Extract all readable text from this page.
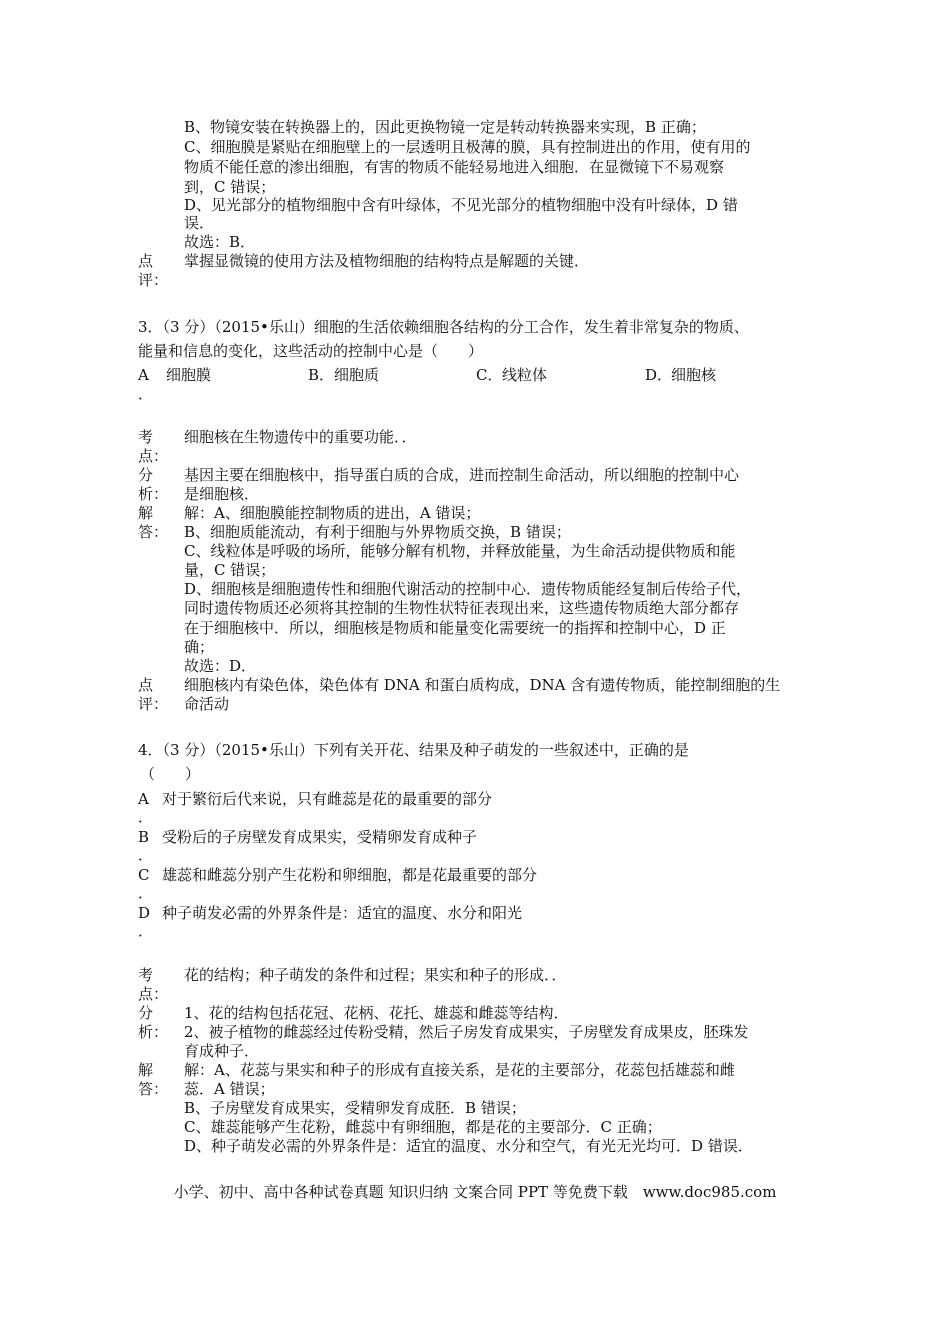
B、物镜安装在转换器上的，因此更换物镜一定是转动转换器来实现，B 正确；
C、细胞膜是紧贴在细胞壁上的一层透明且极薄的膜，具有控制进出的作用，使有用的
物质不能任意的渗出细胞，有害的物质不能轻易地进入细胞．在显微镜下不易观察
到，C 错误；
D、见光部分的植物细胞中含有叶绿体，不见光部分的植物细胞中没有叶绿体，D 错
误．
故选：B．
点
评：
掌握显微镜的使用方法及植物细胞的结构特点是解题的关键．
3．（3 分）（2015•乐山）细胞的生活依赖细胞各结构的分工合作，发生着非常复杂的物质、
能量和信息的变化，这些活动的控制中心是（　　）
A
．
细胞膜	B． 细胞质	C． 线粒体	D．
细胞核
考
点：
细胞核在生物遗传中的重要功能．．
分
析：
基因主要在细胞核中，指导蛋白质的合成，进而控制生命活动，所以细胞的控制中心
是细胞核．
解
答：
解：A、细胞膜能控制物质的进出，A 错误；
B、细胞质能流动，有利于细胞与外界物质交换，B 错误；
C、线粒体是呼吸的场所，能够分解有机物，并释放能量，为生命活动提供物质和能
量，C 错误；
D、细胞核是细胞遗传性和细胞代谢活动的控制中心．遗传物质能经复制后传给子代，
同时遗传物质还必须将其控制的生物性状特征表现出来，这些遗传物质绝大部分都存
在于细胞核中．所以，细胞核是物质和能量变化需要统一的指挥和控制中心，D 正
确；
故选：D．
点
评：
细胞核内有染色体，染色体有 DNA 和蛋白质构成，DNA 含有遗传物质，能控制细胞的生
命活动
4．（3 分）（2015•乐山）下列有关开花、结果及种子萌发的一些叙述中，正确的是
（　　）
A
．
对于繁衍后代来说，只有雌蕊是花的最重要的部分
B
．
受粉后的子房壁发育成果实，受精卵发育成种子
C
．
雄蕊和雌蕊分别产生花粉和卵细胞，都是花最重要的部分
D
．
种子萌发必需的外界条件是：适宜的温度、水分和阳光
考
点：
花的结构；种子萌发的条件和过程；果实和种子的形成．．
分
析：
1、花的结构包括花冠、花柄、花托、雄蕊和雌蕊等结构．
2、被子植物的雌蕊经过传粉受精，然后子房发育成果实，子房壁发育成果皮，胚珠发
育成种子．
解
答：
解：A、花蕊与果实和种子的形成有直接关系，是花的主要部分，花蕊包括雄蕊和雌
蕊．A 错误；
B、子房壁发育成果实，受精卵发育成胚．B 错误；
C、雄蕊能够产生花粉，雌蕊中有卵细胞，都是花的主要部分．C 正确；
D、种子萌发必需的外界条件是：适宜的温度、水分和空气，有光无光均可．D 错误．
小学、初中、高中各种试卷真题 知识归纳 文案合同 PPT 等免费下载　www.doc985.com
